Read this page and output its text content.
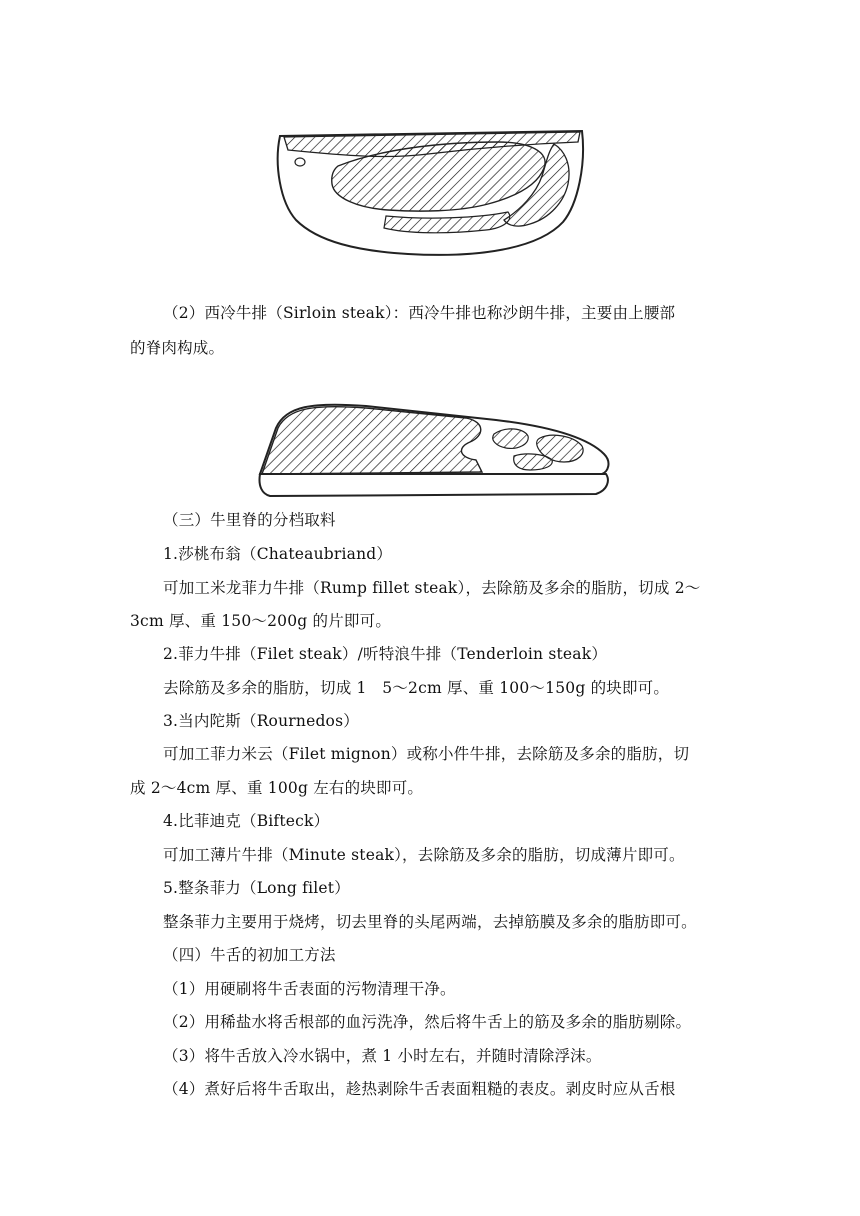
（2）西冷牛排（Sirloin steak）：西冷牛排也称沙朗牛排，主要由上腰部
的脊肉构成。
（三）牛里脊的分档取料
1.莎桃布翁（Chateaubriand）
可加工米龙菲力牛排（Rump fillet steak），去除筋及多余的脂肪，切成 2～
3cm 厚、重 150～200g 的片即可。
2.菲力牛排（Filet steak）/听特浪牛排（Tenderloin steak）
去除筋及多余的脂肪，切成 1　5～2cm 厚、重 100～150g 的块即可。
3.当内陀斯（Rournedos）
可加工菲力米云（Filet mignon）或称小件牛排，去除筋及多余的脂肪，切
成 2～4cm 厚、重 100g 左右的块即可。
4.比菲迪克（Bifteck）
可加工薄片牛排（Minute steak），去除筋及多余的脂肪，切成薄片即可。
5.整条菲力（Long filet）
整条菲力主要用于烧烤，切去里脊的头尾两端，去掉筋膜及多余的脂肪即可。
（四）牛舌的初加工方法
（1）用硬刷将牛舌表面的污物清理干净。
（2）用稀盐水将舌根部的血污洗净，然后将牛舌上的筋及多余的脂肪剔除。
（3）将牛舌放入冷水锅中，煮 1 小时左右，并随时清除浮沫。
（4）煮好后将牛舌取出，趁热剥除牛舌表面粗糙的表皮。剥皮时应从舌根
